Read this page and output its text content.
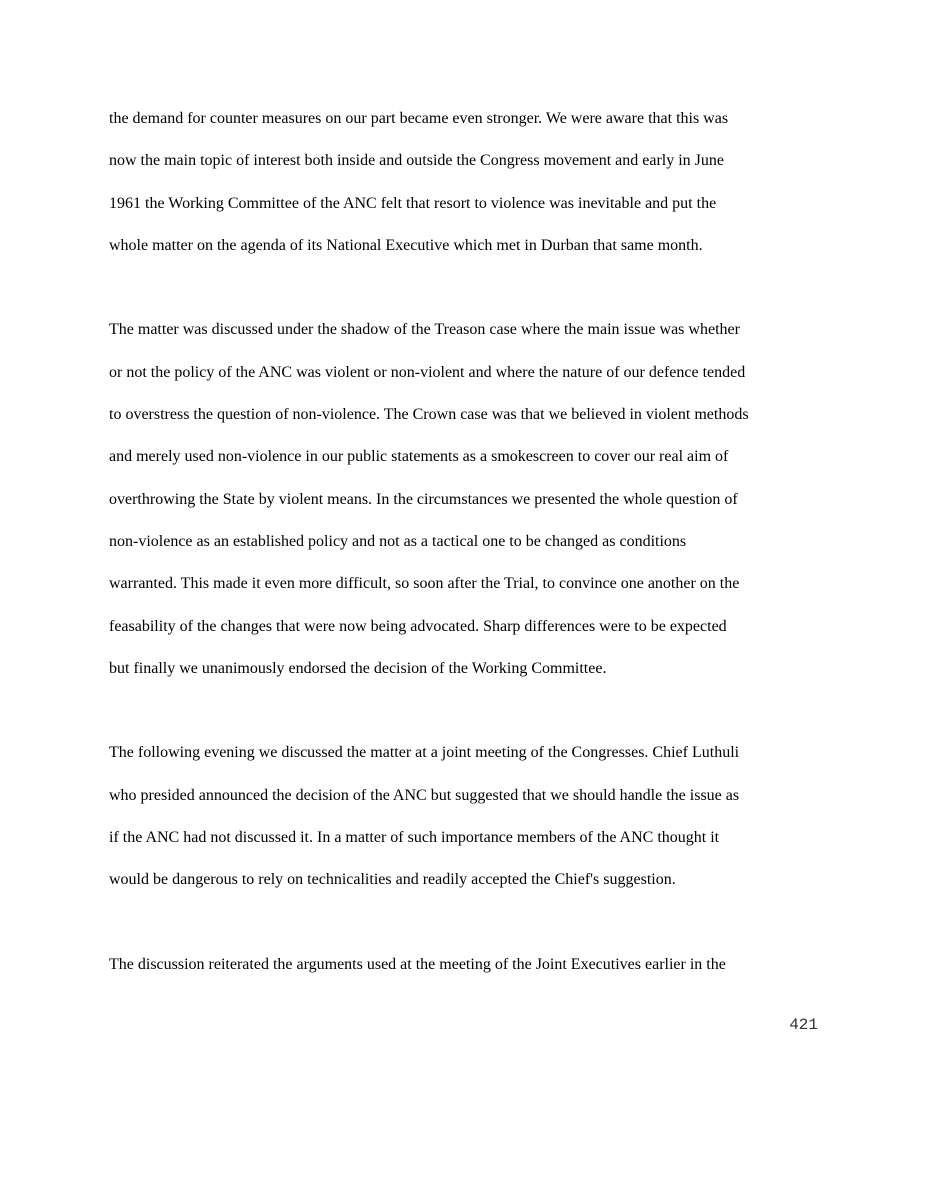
the demand for counter measures on our part became even stronger. We were aware that this was
now the main topic of interest both inside and outside the Congress movement and early in June
1961 the Working Committee of the ANC felt that resort to violence was inevitable and put the
whole matter on the agenda of its National Executive which met in Durban that same month.
The matter was discussed under the shadow of the Treason case where the main issue was whether
or not the policy of the ANC was violent or non-violent and where the nature of our defence tended
to overstress the question of non-violence. The Crown case was that we believed in violent methods
and merely used non-violence in our public statements as a smokescreen to cover our real aim of
overthrowing the State by violent means. In the circumstances we presented the whole question of
non-violence as an established policy and not as a tactical one to be changed as conditions
warranted. This made it even more difficult, so soon after the Trial, to convince one another on the
feasability of the changes that were now being advocated. Sharp differences were to be expected
but finally we unanimously endorsed the decision of the Working Committee.
The following evening we discussed the matter at a joint meeting of the Congresses. Chief Luthuli
who presided announced the decision of the ANC but suggested that we should handle the issue as
if the ANC had not discussed it. In a matter of such importance members of the ANC thought it
would be dangerous to rely on technicalities and readily accepted the Chief's suggestion.
The discussion reiterated the arguments used at the meeting of the Joint Executives earlier in the
421
